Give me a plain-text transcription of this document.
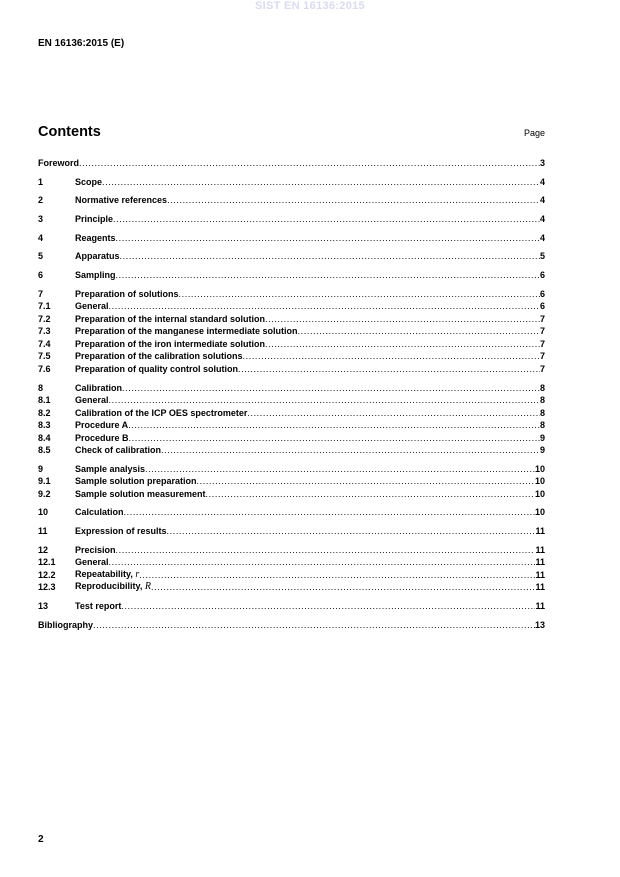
SIST EN 16136:2015
EN 16136:2015 (E)
Contents	Page
Foreword .....	3
1	Scope .....	4
2	Normative references .....	4
3	Principle .....	4
4	Reagents .....	4
5	Apparatus .....	5
6	Sampling .....	6
7	Preparation of solutions .....	6
7.1	General .....	6
7.2	Preparation of the internal standard solution .....	7
7.3	Preparation of the manganese intermediate solution .....	7
7.4	Preparation of the iron intermediate solution .....	7
7.5	Preparation of the calibration solutions .....	7
7.6	Preparation of quality control solution .....	7
8	Calibration .....	8
8.1	General .....	8
8.2	Calibration of the ICP OES spectrometer .....	8
8.3	Procedure A .....	8
8.4	Procedure B .....	9
8.5	Check of calibration .....	9
9	Sample analysis .....	10
9.1	Sample solution preparation .....	10
9.2	Sample solution measurement .....	10
10	Calculation .....	10
11	Expression of results .....	11
12	Precision .....	11
12.1	General .....	11
12.2	Repeatability, r .....	11
12.3	Reproducibility, R .....	11
13	Test report .....	11
Bibliography .....	13
2
